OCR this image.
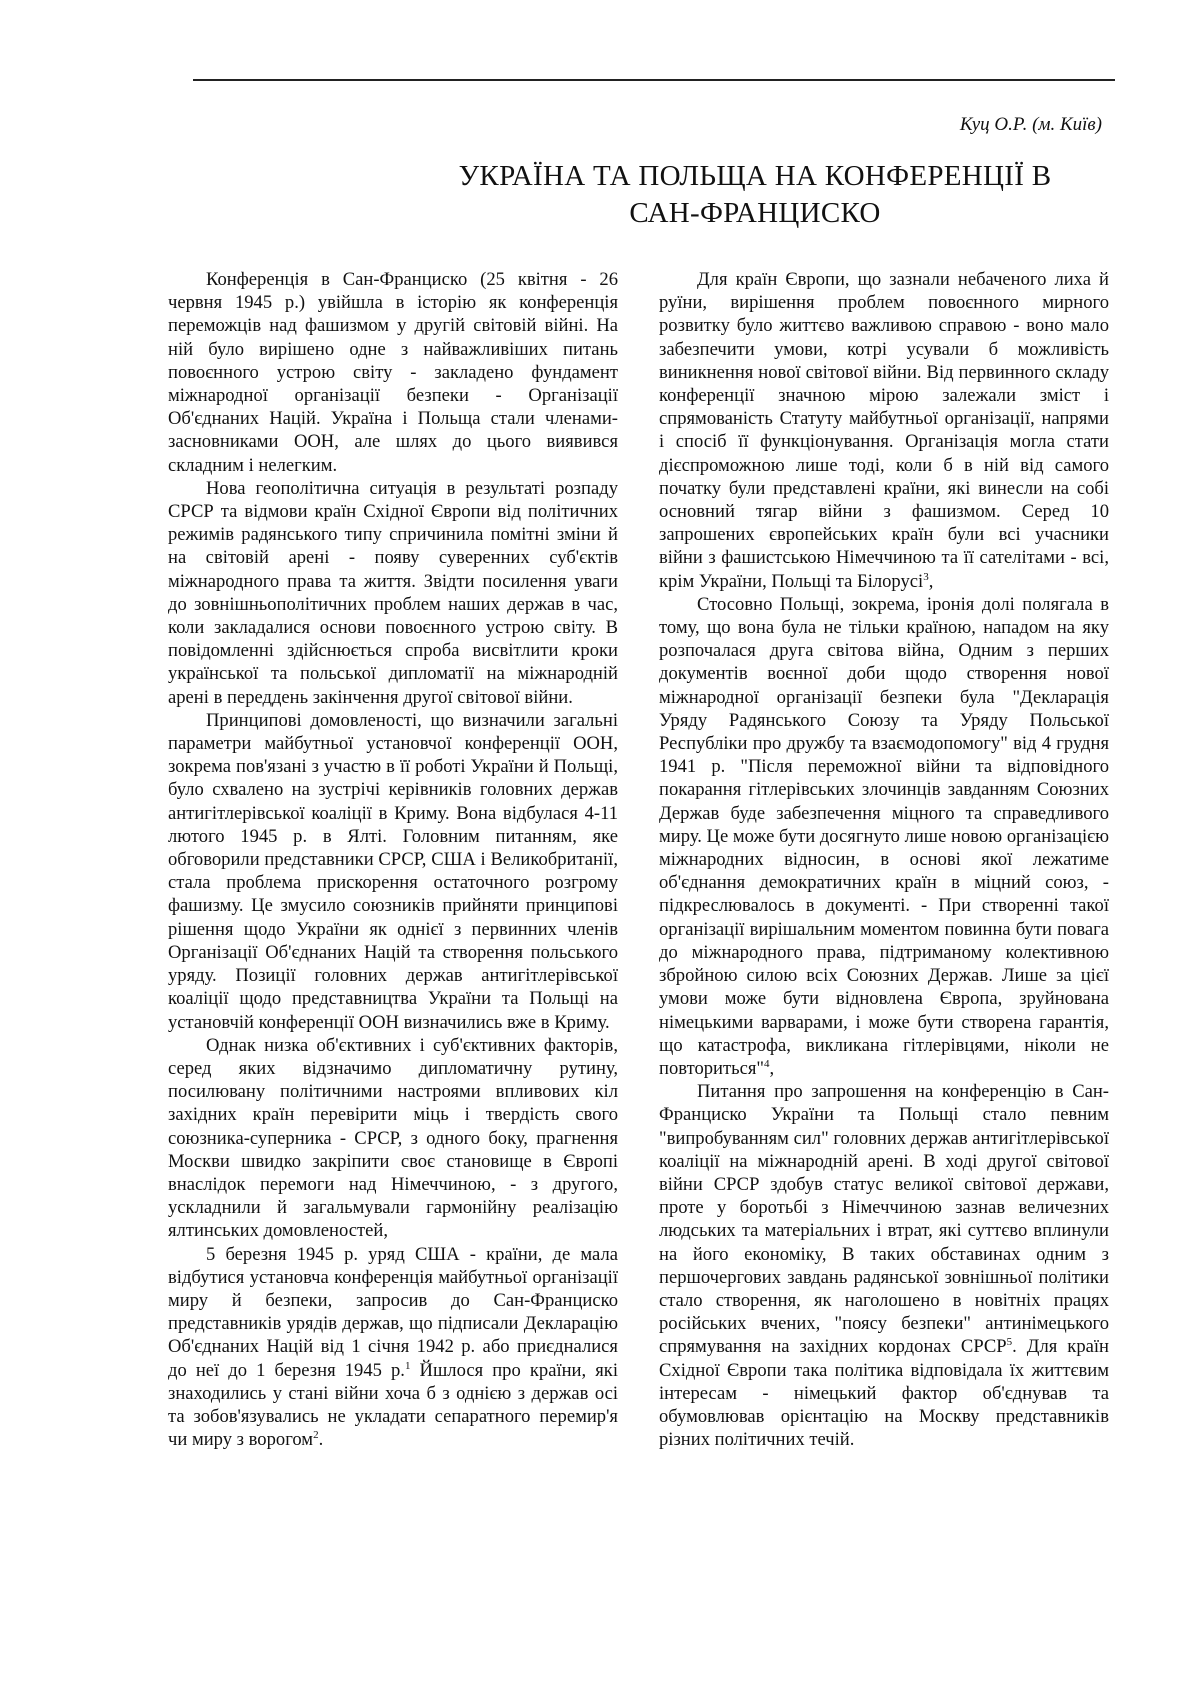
Куц О.Р. (м. Київ)
УКРАЇНА ТА ПОЛЬЩА НА КОНФЕРЕНЦІЇ В
САН-ФРАНЦИСКО

Конференція в Сан-Франциско (25 квітня - 26 червня 1945 р.) увійшла в історію як конференція переможців над фашизмом у другій світовій війні. На ній було вирішено одне з найважливіших питань повоєнного устрою світу - закладено фундамент міжнародної організації безпеки - Організації Об'єднаних Націй. Україна і Польща стали членами-засновниками ООН, але шлях до цього виявився складним і нелегким.

Нова геополітична ситуація в результаті розпаду СРСР та відмови країн Східної Європи від політичних режимів радянського типу спричинила помітні зміни й на світовій арені - появу суверенних суб'єктів міжнародного права та життя. Звідти посилення уваги до зовнішньополітичних проблем наших держав в час, коли закладалися основи повоєнного устрою світу. В повідомленні здійснюється спроба висвітлити кроки української та польської дипломатії на міжнародній арені в переддень закінчення другої світової війни.

Принципові домовленості, що визначили загальні параметри майбутньої установчої конференції ООН, зокрема пов'язані з участю в її роботі України й Польщі, було схвалено на зустрічі керівників головних держав антигітлерівської коаліції в Криму. Вона відбулася 4-11 лютого 1945 р. в Ялті. Головним питанням, яке обговорили представники СРСР, США і Великобританії, стала проблема прискорення остаточного розгрому фашизму. Це змусило союзників прийняти принципові рішення щодо України як однієї з первинних членів Організації Об'єднаних Націй та створення польського уряду. Позиції головних держав антигітлерівської коаліції щодо представництва України та Польщі на установчій конференції ООН визначились вже в Криму.

Однак низка об'єктивних і суб'єктивних факторів, серед яких відзначимо дипломатичну рутину, посилювану політичними настроями впливових кіл західних країн перевірити міць і твердість свого союзника-суперника - СРСР, з одного боку, прагнення Москви швидко закріпити своє становище в Європі внаслідок перемоги над Німеччиною, - з другого, ускладнили й загальмували гармонійну реалізацію ялтинських домовленостей,

5 березня 1945 р. уряд США - країни, де мала відбутися установча конференція майбутньої організації миру й безпеки, запросив до Сан-Франциско представників урядів держав, що підписали Декларацію Об'єднаних Націй від 1 січня 1942 р. або приєдналися до неї до 1 березня 1945 р.$^1$ Йшлося про країни, які знаходились у стані війни хоча б з однією з держав осі та зобов'язувались не укладати сепаратного перемир'я чи миру з ворогом$^2$.

Для країн Європи, що зазнали небаченого лиха й руїни, вирішення проблем повоєнного мирного розвитку було життєво важливою справою - воно мало забезпечити умови, котрі усували б можливість виникнення нової світової війни. Від первинного складу конференції значною мірою залежали зміст і спрямованість Статуту майбутньої організації, напрями і спосіб її функціонування. Організація могла стати дієспроможною лише тоді, коли б в ній від самого початку були представлені країни, які винесли на собі основний тягар війни з фашизмом. Серед 10 запрошених європейських країн були всі учасники війни з фашистською Німеччиною та її сателітами - всі, крім України, Польщі та Білорусі$^3$,

Стосовно Польщі, зокрема, іронія долі полягала в тому, що вона була не тільки країною, нападом на яку розпочалася друга світова війна, Одним з перших документів воєнної доби щодо створення нової міжнародної організації безпеки була "Декларація Уряду Радянського Союзу та Уряду Польської Республіки про дружбу та взаємодопомогу" від 4 грудня 1941 р. "Після переможної війни та відповідного покарання гітлерівських злочинців завданням Союзних Держав буде забезпечення міцного та справедливого миру. Це може бути досягнуто лише новою організацією міжнародних відносин, в основі якої лежатиме об'єднання демократичних країн в міцний союз, - підкреслювалось в документі. - При створенні такої організації вирішальним моментом повинна бути повага до міжнародного права, підтриманому колективною збройною силою всіх Союзних Держав. Лише за цієї умови може бути відновлена Європа, зруйнована німецькими варварами, і може бути створена гарантія, що катастрофа, викликана гітлерівцями, ніколи не повториться"$^4$,

Питання про запрошення на конференцію в Сан-Франциско України та Польщі стало певним "випробуванням сил" головних держав антигітлерівської коаліції на міжнародній арені. В ході другої світової війни СРСР здобув статус великої світової держави, проте у боротьбі з Німеччиною зазнав величезних людських та матеріальних і втрат, які суттєво вплинули на його економіку, В таких обставинах одним з першочергових завдань радянської зовнішньої політики стало створення, як наголошено в новітніх працях російських вчених, "поясу безпеки" антинімецького спрямування на західних кордонах СРСР$^5$. Для країн Східної Європи така політика відповідала їх життєвим інтересам - німецький фактор об'єднував та обумовлював орієнтацію на Москву представників різних політичних течій.
